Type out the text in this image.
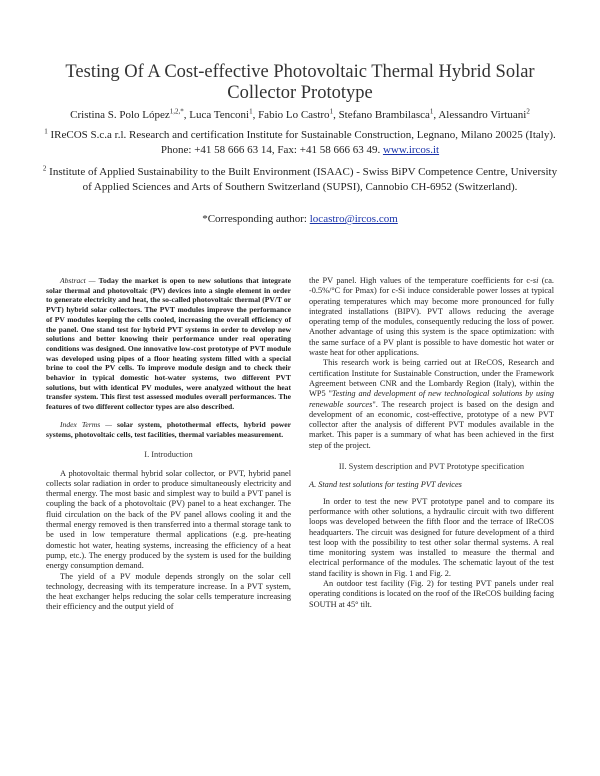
Testing Of A Cost-effective Photovoltaic Thermal Hybrid Solar Collector Prototype
Cristina S. Polo López$^{1,2,*}$, Luca Tenconi$^1$, Fabio Lo Castro$^1$, Stefano Brambilasca$^1$, Alessandro Virtuani$^2$
$^1$ IReCOS S.c.a r.l. Research and certification Institute for Sustainable Construction, Legnano, Milano 20025 (Italy). Phone: +41 58 666 63 14, Fax: +41 58 666 63 49. www.ircos.it
$^2$ Institute of Applied Sustainability to the Built Environment (ISAAC) - Swiss BiPV Competence Centre, University of Applied Sciences and Arts of Southern Switzerland (SUPSI), Cannobio CH-6952 (Switzerland).
*Corresponding author: locastro@ircos.com

Abstract — Today the market is open to new solutions that integrate solar thermal and photovoltaic (PV) devices into a single element in order to generate electricity and heat, the so-called photovoltaic thermal (PV/T or PVT) hybrid solar collectors. The PVT modules improve the performance of PV modules keeping the cells cooled, increasing the overall efficiency of the panel. One stand test for hybrid PVT systems in order to develop new solutions and better knowing their performance under real operating conditions was designed. One innovative low-cost prototype of PVT module was developed using pipes of a floor heating system filled with a special brine to cool the PV cells. To improve module design and to check their behavior in typical domestic hot-water systems, two different PVT solutions, but with identical PV modules, were analyzed without the heat transfer system. This first test assessed modules overall performances. The features of two different collector types are also described.

Index Terms — solar system, photothermal effects, hybrid power systems, photovoltaic cells, test facilities, thermal variables measurement.

I. Introduction

A photovoltaic thermal hybrid solar collector, or PVT, hybrid panel collects solar radiation in order to produce simultaneously electricity and thermal energy. The most basic and simplest way to build a PVT panel is coupling the back of a photovoltaic (PV) panel to a heat exchanger. The fluid circulation on the back of the PV panel allows cooling it and the thermal energy removed is then transferred into a thermal storage tank to be used in low temperature thermal applications (e.g. pre-heating domestic hot water, heating systems, increasing the efficiency of a heat pump, etc.). The energy produced by the system is used for the building energy consumption demand.

The yield of a PV module depends strongly on the solar cell technology, decreasing with its temperature increase. In a PVT system, the heat exchanger helps reducing the solar cells temperature increasing their efficiency and the output yield of

the PV panel. High values of the temperature coefficients for c-si (ca. -0.5%/°C for Pmax) for c-Si induce considerable power losses at typical operating temperatures which may become more pronounced for fully integrated installations (BIPV). PVT allows reducing the average operating temp of the modules, consequently reducing the loss of power. Another advantage of using this system is the space optimization: with the same surface of a PV plant is possible to have domestic hot water or waste heat for other applications.

This research work is being carried out at IReCOS, Research and certification Institute for Sustainable Construction, under the Framework Agreement between CNR and the Lombardy Region (Italy), within the WP5 "Testing and development of new technological solutions by using renewable sources". The research project is based on the design and development of an economic, cost-effective, prototype of a new PVT collector after the analysis of different PVT modules available in the market. This paper is a summary of what has been achieved in the first step of the project.

II. System description and PVT Prototype specification

A. Stand test solutions for testing PVT devices

In order to test the new PVT prototype panel and to compare its performance with other solutions, a hydraulic circuit with two different loops was developed between the fifth floor and the terrace of IReCOS headquarters. The circuit was designed for future development of a third test loop with the possibility to test other solar thermal systems. A real time monitoring system was installed to measure the thermal and electrical performance of the modules. The schematic layout of the test stand facility is shown in Fig. 1 and Fig. 2.

An outdoor test facility (Fig. 2) for testing PVT panels under real operating conditions is located on the roof of the IReCOS building facing SOUTH at 45° tilt.
